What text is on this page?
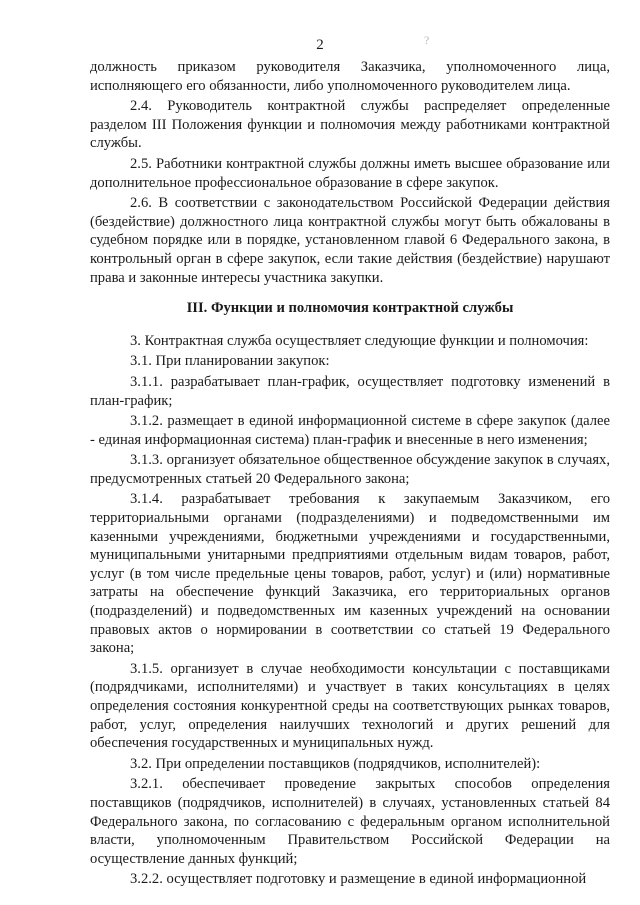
2	?

должность приказом руководителя Заказчика, уполномоченного лица, исполняющего его обязанности, либо уполномоченного руководителем лица.

2.4. Руководитель контрактной службы распределяет определенные разделом III Положения функции и полномочия между работниками контрактной службы.

2.5. Работники контрактной службы должны иметь высшее образование или дополнительное профессиональное образование в сфере закупок.

2.6. В соответствии с законодательством Российской Федерации действия (бездействие) должностного лица контрактной службы могут быть обжалованы в судебном порядке или в порядке, установленном главой 6 Федерального закона, в контрольный орган в сфере закупок, если такие действия (бездействие) нарушают права и законные интересы участника закупки.

III. Функции и полномочия контрактной службы

3. Контрактная служба осуществляет следующие функции и полномочия:

3.1. При планировании закупок:

3.1.1. разрабатывает план-график, осуществляет подготовку изменений в план-график;

3.1.2. размещает в единой информационной системе в сфере закупок (далее - единая информационная система) план-график и внесенные в него изменения;

3.1.3. организует обязательное общественное обсуждение закупок в случаях, предусмотренных статьей 20 Федерального закона;

3.1.4. разрабатывает требования к закупаемым Заказчиком, его территориальными органами (подразделениями) и подведомственными им казенными учреждениями, бюджетными учреждениями и государственными, муниципальными унитарными предприятиями отдельным видам товаров, работ, услуг (в том числе предельные цены товаров, работ, услуг) и (или) нормативные затраты на обеспечение функций Заказчика, его территориальных органов (подразделений) и подведомственных им казенных учреждений на основании правовых актов о нормировании в соответствии со статьей 19 Федерального закона;

3.1.5. организует в случае необходимости консультации с поставщиками (подрядчиками, исполнителями) и участвует в таких консультациях в целях определения состояния конкурентной среды на соответствующих рынках товаров, работ, услуг, определения наилучших технологий и других решений для обеспечения государственных и муниципальных нужд.

3.2. При определении поставщиков (подрядчиков, исполнителей):

3.2.1. обеспечивает проведение закрытых способов определения поставщиков (подрядчиков, исполнителей) в случаях, установленных статьей 84 Федерального закона, по согласованию с федеральным органом исполнительной власти, уполномоченным Правительством Российской Федерации на осуществление данных функций;

3.2.2. осуществляет подготовку и размещение в единой информационной
